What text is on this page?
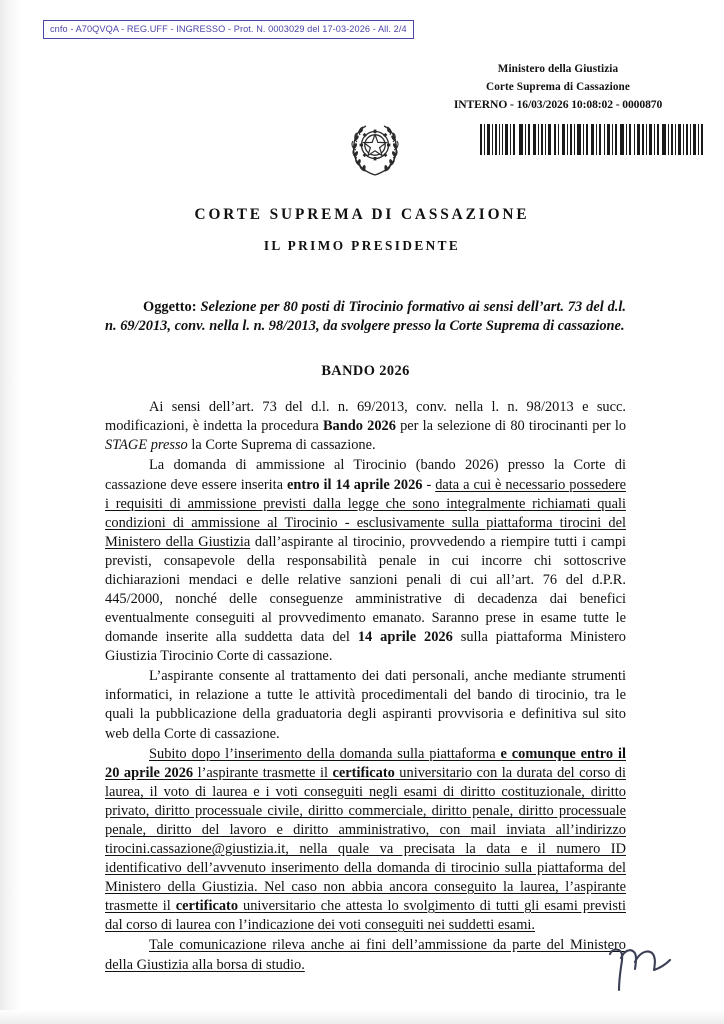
cnfo - A70QVQA - REG.UFF - INGRESSO - Prot. N. 0003029 del 17-03-2026 - All. 2/4
Ministero della Giustizia
Corte Suprema di Cassazione
INTERNO - 16/03/2026 10:08:02 - 0000870
CORTE SUPREMA DI CASSAZIONE
IL PRIMO PRESIDENTE

Oggetto: Selezione per 80 posti di Tirocinio formativo ai sensi dell’art. 73 del d.l. n. 69/2013, conv. nella l. n. 98/2013, da svolgere presso la Corte Suprema di cassazione.

BANDO 2026

Ai sensi dell’art. 73 del d.l. n. 69/2013, conv. nella l. n. 98/2013 e succ. modificazioni, è indetta la procedura Bando 2026 per la selezione di 80 tirocinanti per lo STAGE presso la Corte Suprema di cassazione.

La domanda di ammissione al Tirocinio (bando 2026) presso la Corte di cassazione deve essere inserita entro il 14 aprile 2026 - data a cui è necessario possedere i requisiti di ammissione previsti dalla legge che sono integralmente richiamati quali condizioni di ammissione al Tirocinio - esclusivamente sulla piattaforma tirocini del Ministero della Giustizia dall’aspirante al tirocinio, provvedendo a riempire tutti i campi previsti, consapevole della responsabilità penale in cui incorre chi sottoscrive dichiarazioni mendaci e delle relative sanzioni penali di cui all’art. 76 del d.P.R. 445/2000, nonché delle conseguenze amministrative di decadenza dai benefici eventualmente conseguiti al provvedimento emanato. Saranno prese in esame tutte le domande inserite alla suddetta data del 14 aprile 2026 sulla piattaforma Ministero Giustizia Tirocinio Corte di cassazione.

L’aspirante consente al trattamento dei dati personali, anche mediante strumenti informatici, in relazione a tutte le attività procedimentali del bando di tirocinio, tra le quali la pubblicazione della graduatoria degli aspiranti provvisoria e definitiva sul sito web della Corte di cassazione.

Subito dopo l’inserimento della domanda sulla piattaforma e comunque entro il 20 aprile 2026 l’aspirante trasmette il certificato universitario con la durata del corso di laurea, il voto di laurea e i voti conseguiti negli esami di diritto costituzionale, diritto privato, diritto processuale civile, diritto commerciale, diritto penale, diritto processuale penale, diritto del lavoro e diritto amministrativo, con mail inviata all’indirizzo tirocini.cassazione@giustizia.it, nella quale va precisata la data e il numero ID identificativo dell’avvenuto inserimento della domanda di tirocinio sulla piattaforma del Ministero della Giustizia. Nel caso non abbia ancora conseguito la laurea, l’aspirante trasmette il certificato universitario che attesta lo svolgimento di tutti gli esami previsti dal corso di laurea con l’indicazione dei voti conseguiti nei suddetti esami.

Tale comunicazione rileva anche ai fini dell’ammissione da parte del Ministero della Giustizia alla borsa di studio.
